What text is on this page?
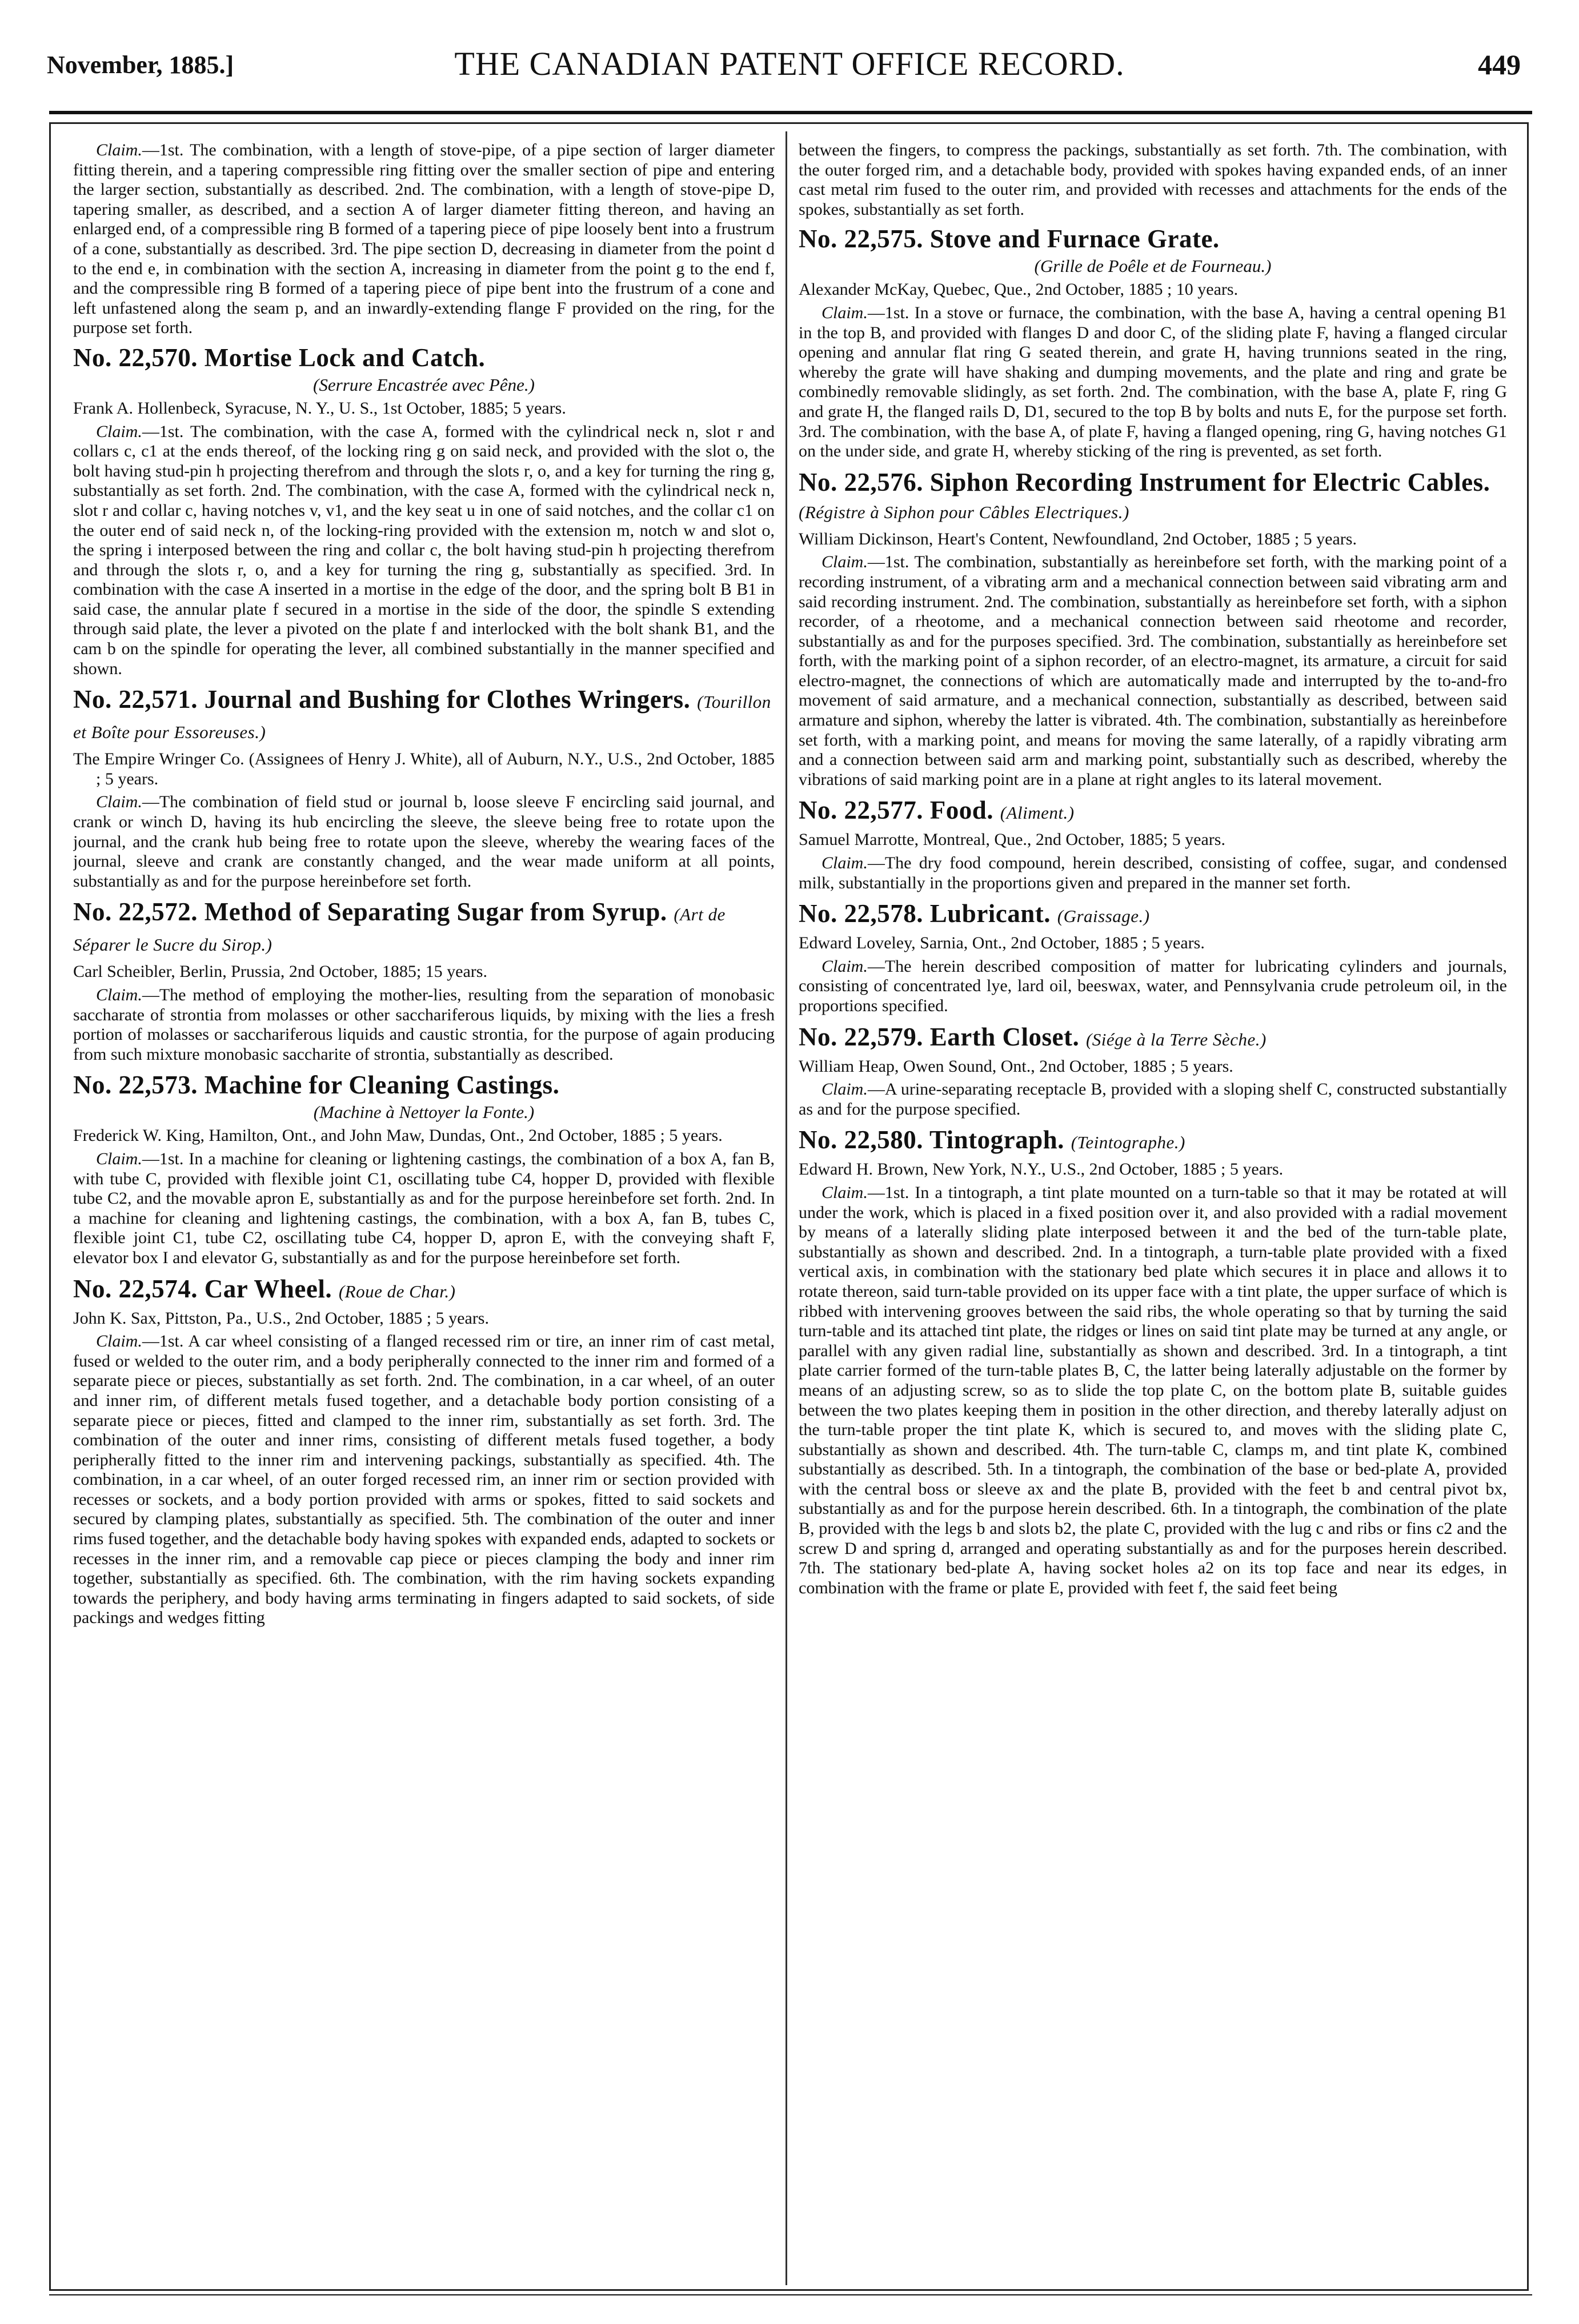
November, 1885.]	THE CANADIAN PATENT OFFICE RECORD.	449

Claim.—1st. The combination, with a length of stove-pipe, of a pipe section of larger diameter fitting therein, and a tapering compressible ring fitting over the smaller section of pipe and entering the larger section, substantially as described. 2nd. The combination, with a length of stove-pipe D, tapering smaller, as described, and a section A of larger diameter fitting thereon, and having an enlarged end, of a compressible ring B formed of a tapering piece of pipe loosely bent into a frustrum of a cone, substantially as described. 3rd. The pipe section D, decreasing in diameter from the point d to the end e, in combination with the section A, increasing in diameter from the point g to the end f, and the compressible ring B formed of a tapering piece of pipe bent into the frustrum of a cone and left unfastened along the seam p, and an inwardly-extending flange F provided on the ring, for the purpose set forth.

No. 22,570. Mortise Lock and Catch.
(Serrure Encastrée avec Pêne.)

Frank A. Hollenbeck, Syracuse, N. Y., U. S., 1st October, 1885; 5 years.

Claim.—1st. The combination, with the case A, formed with the cylindrical neck n, slot r and collars c, c1 at the ends thereof, of the locking ring g on said neck, and provided with the slot o, the bolt having stud-pin h projecting therefrom and through the slots r, o, and a key for turning the ring g, substantially as set forth. 2nd. The combination, with the case A, formed with the cylindrical neck n, slot r and collar c, having notches v, v1, and the key seat u in one of said notches, and the collar c1 on the outer end of said neck n, of the locking-ring provided with the extension m, notch w and slot o, the spring i interposed between the ring and collar c, the bolt having stud-pin h projecting therefrom and through the slots r, o, and a key for turning the ring g, substantially as specified. 3rd. In combination with the case A inserted in a mortise in the edge of the door, and the spring bolt B B1 in said case, the annular plate f secured in a mortise in the side of the door, the spindle S extending through said plate, the lever a pivoted on the plate f and interlocked with the bolt shank B1, and the cam b on the spindle for operating the lever, all combined substantially in the manner specified and shown.

No. 22,571. Journal and Bushing for Clothes Wringers. (Tourillon et Boîte pour Essoreuses.)

The Empire Wringer Co. (Assignees of Henry J. White), all of Auburn, N.Y., U.S., 2nd October, 1885 ; 5 years.

Claim.—The combination of field stud or journal b, loose sleeve F encircling said journal, and crank or winch D, having its hub encircling the sleeve, the sleeve being free to rotate upon the journal, and the crank hub being free to rotate upon the sleeve, whereby the wearing faces of the journal, sleeve and crank are constantly changed, and the wear made uniform at all points, substantially as and for the purpose hereinbefore set forth.

No. 22,572. Method of Separating Sugar from Syrup. (Art de Séparer le Sucre du Sirop.)

Carl Scheibler, Berlin, Prussia, 2nd October, 1885; 15 years.

Claim.—The method of employing the mother-lies, resulting from the separation of monobasic saccharate of strontia from molasses or other sacchariferous liquids, by mixing with the lies a fresh portion of molasses or sacchariferous liquids and caustic strontia, for the purpose of again producing from such mixture monobasic saccharite of strontia, substantially as described.

No. 22,573. Machine for Cleaning Castings.
(Machine à Nettoyer la Fonte.)

Frederick W. King, Hamilton, Ont., and John Maw, Dundas, Ont., 2nd October, 1885 ; 5 years.

Claim.—1st. In a machine for cleaning or lightening castings, the combination of a box A, fan B, with tube C, provided with flexible joint C1, oscillating tube C4, hopper D, provided with flexible tube C2, and the movable apron E, substantially as and for the purpose hereinbefore set forth. 2nd. In a machine for cleaning and lightening castings, the combination, with a box A, fan B, tubes C, flexible joint C1, tube C2, oscillating tube C4, hopper D, apron E, with the conveying shaft F, elevator box I and elevator G, substantially as and for the purpose hereinbefore set forth.

No. 22,574. Car Wheel. (Roue de Char.)

John K. Sax, Pittston, Pa., U.S., 2nd October, 1885 ; 5 years.

Claim.—1st. A car wheel consisting of a flanged recessed rim or tire, an inner rim of cast metal, fused or welded to the outer rim, and a body peripherally connected to the inner rim and formed of a separate piece or pieces, substantially as set forth. 2nd. The combination, in a car wheel, of an outer and inner rim, of different metals fused together, and a detachable body portion consisting of a separate piece or pieces, fitted and clamped to the inner rim, substantially as set forth. 3rd. The combination of the outer and inner rims, consisting of different metals fused together, a body peripherally fitted to the inner rim and intervening packings, substantially as specified. 4th. The combination, in a car wheel, of an outer forged recessed rim, an inner rim or section provided with recesses or sockets, and a body portion provided with arms or spokes, fitted to said sockets and secured by clamping plates, substantially as specified. 5th. The combination of the outer and inner rims fused together, and the detachable body having spokes with expanded ends, adapted to sockets or recesses in the inner rim, and a removable cap piece or pieces clamping the body and inner rim together, substantially as specified. 6th. The combination, with the rim having sockets expanding towards the periphery, and body having arms terminating in fingers adapted to said sockets, of side packings and wedges fitting

between the fingers, to compress the packings, substantially as set forth. 7th. The combination, with the outer forged rim, and a detachable body, provided with spokes having expanded ends, of an inner cast metal rim fused to the outer rim, and provided with recesses and attachments for the ends of the spokes, substantially as set forth.

No. 22,575. Stove and Furnace Grate.
(Grille de Poêle et de Fourneau.)

Alexander McKay, Quebec, Que., 2nd October, 1885 ; 10 years.

Claim.—1st. In a stove or furnace, the combination, with the base A, having a central opening B1 in the top B, and provided with flanges D and door C, of the sliding plate F, having a flanged circular opening and annular flat ring G seated therein, and grate H, having trunnions seated in the ring, whereby the grate will have shaking and dumping movements, and the plate and ring and grate be combinedly removable slidingly, as set forth. 2nd. The combination, with the base A, plate F, ring G and grate H, the flanged rails D, D1, secured to the top B by bolts and nuts E, for the purpose set forth. 3rd. The combination, with the base A, of plate F, having a flanged opening, ring G, having notches G1 on the under side, and grate H, whereby sticking of the ring is prevented, as set forth.

No. 22,576. Siphon Recording Instrument for Electric Cables. (Régistre à Siphon pour Câbles Electriques.)

William Dickinson, Heart's Content, Newfoundland, 2nd October, 1885 ; 5 years.

Claim.—1st. The combination, substantially as hereinbefore set forth, with the marking point of a recording instrument, of a vibrating arm and a mechanical connection between said vibrating arm and said recording instrument. 2nd. The combination, substantially as hereinbefore set forth, with a siphon recorder, of a rheotome, and a mechanical connection between said rheotome and recorder, substantially as and for the purposes specified. 3rd. The combination, substantially as hereinbefore set forth, with the marking point of a siphon recorder, of an electro-magnet, its armature, a circuit for said electro-magnet, the connections of which are automatically made and interrupted by the to-and-fro movement of said armature, and a mechanical connection, substantially as described, between said armature and siphon, whereby the latter is vibrated. 4th. The combination, substantially as hereinbefore set forth, with a marking point, and means for moving the same laterally, of a rapidly vibrating arm and a connection between said arm and marking point, substantially such as described, whereby the vibrations of said marking point are in a plane at right angles to its lateral movement.

No. 22,577. Food. (Aliment.)

Samuel Marrotte, Montreal, Que., 2nd October, 1885; 5 years.

Claim.—The dry food compound, herein described, consisting of coffee, sugar, and condensed milk, substantially in the proportions given and prepared in the manner set forth.

No. 22,578. Lubricant. (Graissage.)

Edward Loveley, Sarnia, Ont., 2nd October, 1885 ; 5 years.

Claim.—The herein described composition of matter for lubricating cylinders and journals, consisting of concentrated lye, lard oil, beeswax, water, and Pennsylvania crude petroleum oil, in the proportions specified.

No. 22,579. Earth Closet. (Siége à la Terre Sèche.)

William Heap, Owen Sound, Ont., 2nd October, 1885 ; 5 years.

Claim.—A urine-separating receptacle B, provided with a sloping shelf C, constructed substantially as and for the purpose specified.

No. 22,580. Tintograph. (Teintographe.)

Edward H. Brown, New York, N.Y., U.S., 2nd October, 1885 ; 5 years.

Claim.—1st. In a tintograph, a tint plate mounted on a turn-table so that it may be rotated at will under the work, which is placed in a fixed position over it, and also provided with a radial movement by means of a laterally sliding plate interposed between it and the bed of the turn-table plate, substantially as shown and described. 2nd. In a tintograph, a turn-table plate provided with a fixed vertical axis, in combination with the stationary bed plate which secures it in place and allows it to rotate thereon, said turn-table provided on its upper face with a tint plate, the upper surface of which is ribbed with intervening grooves between the said ribs, the whole operating so that by turning the said turn-table and its attached tint plate, the ridges or lines on said tint plate may be turned at any angle, or parallel with any given radial line, substantially as shown and described. 3rd. In a tintograph, a tint plate carrier formed of the turn-table plates B, C, the latter being laterally adjustable on the former by means of an adjusting screw, so as to slide the top plate C, on the bottom plate B, suitable guides between the two plates keeping them in position in the other direction, and thereby laterally adjust on the turn-table proper the tint plate K, which is secured to, and moves with the sliding plate C, substantially as shown and described. 4th. The turn-table C, clamps m, and tint plate K, combined substantially as described. 5th. In a tintograph, the combination of the base or bed-plate A, provided with the central boss or sleeve ax and the plate B, provided with the feet b and central pivot bx, substantially as and for the purpose herein described. 6th. In a tintograph, the combination of the plate B, provided with the legs b and slots b2, the plate C, provided with the lug c and ribs or fins c2 and the screw D and spring d, arranged and operating substantially as and for the purposes herein described. 7th. The stationary bed-plate A, having socket holes a2 on its top face and near its edges, in combination with the frame or plate E, provided with feet f, the said feet being
